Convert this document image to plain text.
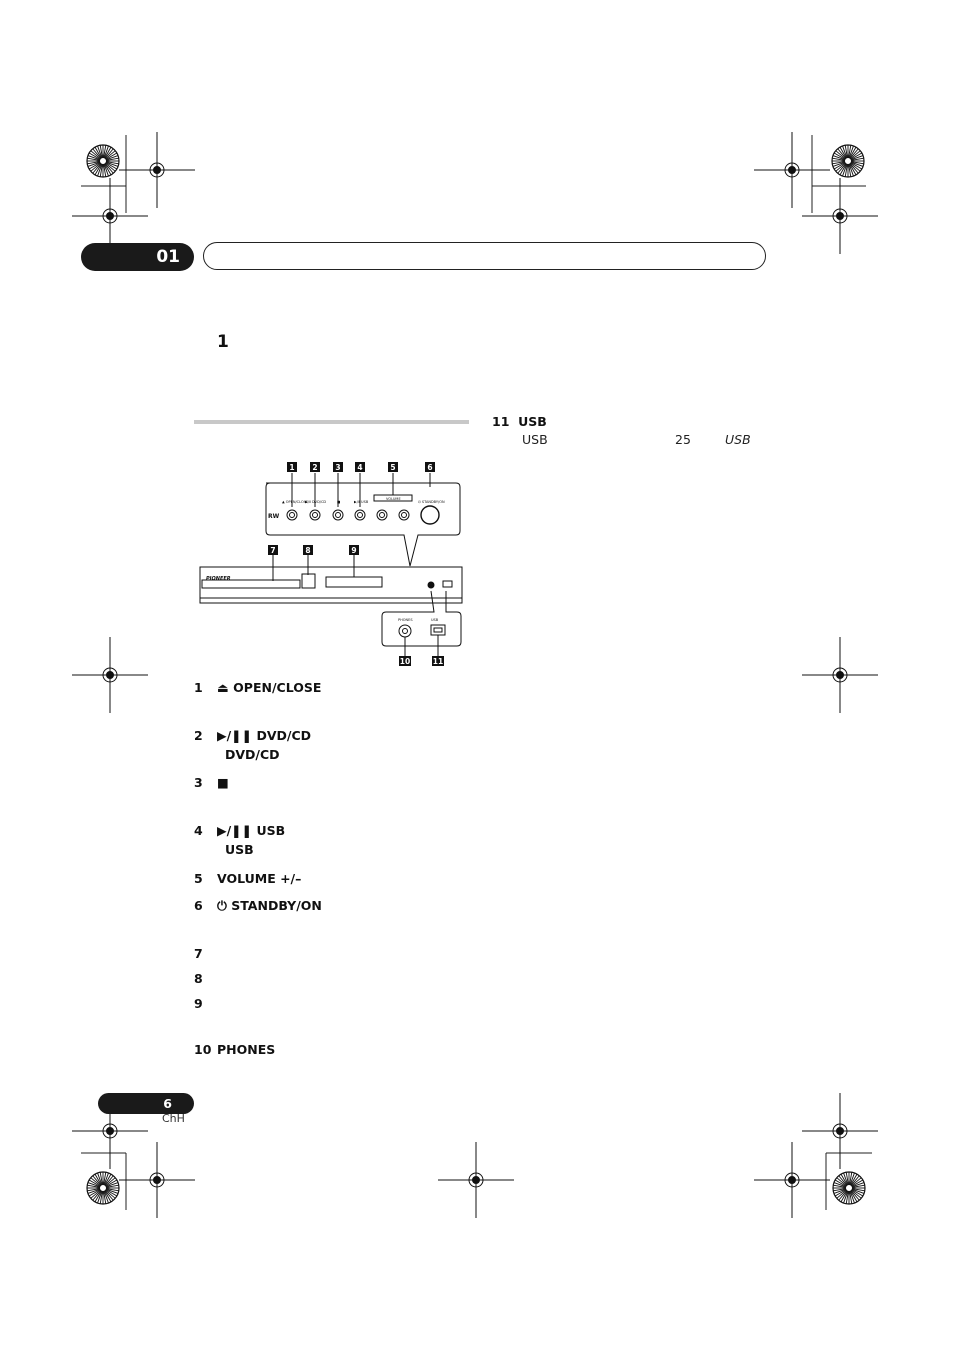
01
1
▲ OPEN/CLOSE
▶/II DVD/CD	■	▶/II USB
VOLUME
⏻ STANDBY/ON
RW
PHONES	USB
PIONEER
1 2 3 4	5	6
7	8	9
10	11
1 ⏏ OPEN/CLOSE
2 ▶/❚❚ DVD/CD
DVD/CD
3 ■
4 ▶/❚❚ USB
USB
5 VOLUME +/–
6 ⏻ STANDBY/ON
7
8
9
10 PHONES
11 USB
USB	25	USB
6
ChH
